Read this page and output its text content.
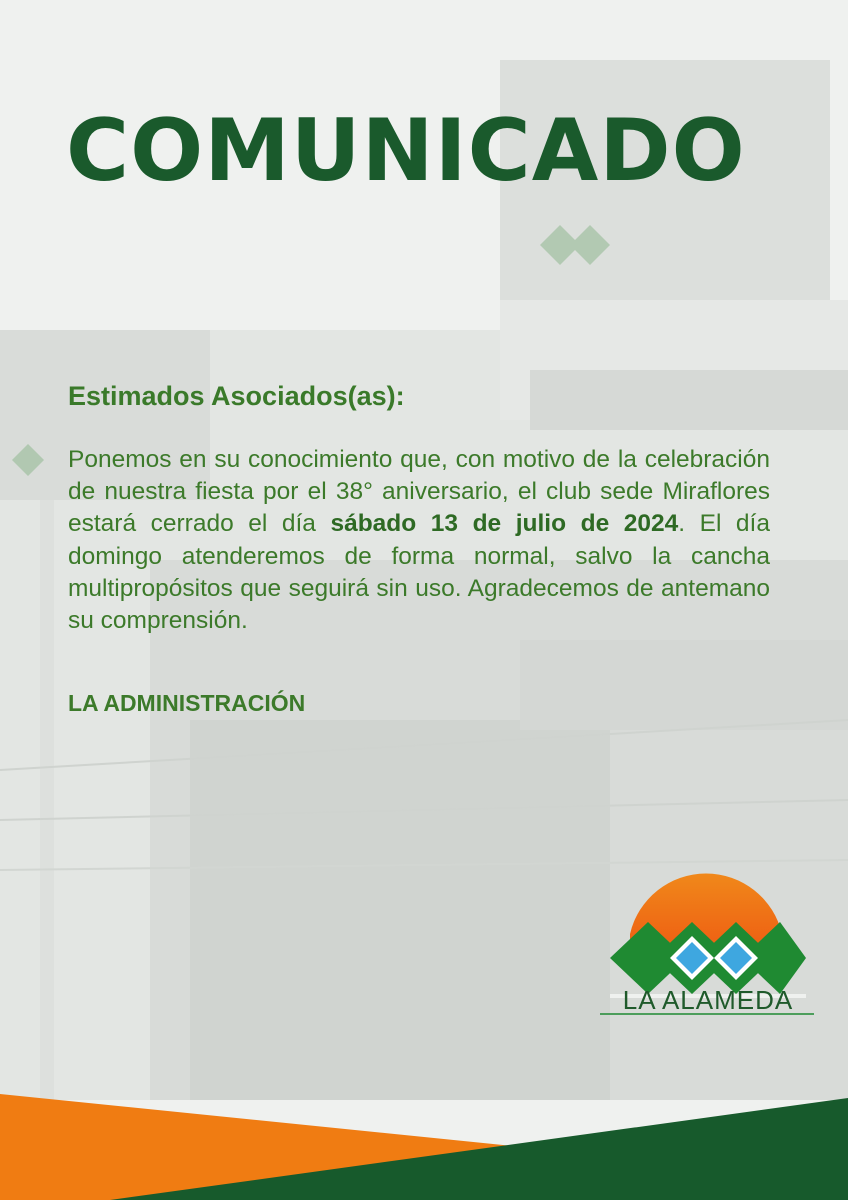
COMUNICADO

Estimados Asociados(as):

Ponemos en su conocimiento que, con motivo de la celebración de nuestra fiesta por el 38° aniversario, el club sede Miraflores estará cerrado el día sábado 13 de julio de 2024. El día domingo atenderemos de forma normal, salvo la cancha multipropósitos que seguirá sin uso. Agradecemos de antemano su comprensión.

LA ADMINISTRACIÓN

LA ALAMEDA
